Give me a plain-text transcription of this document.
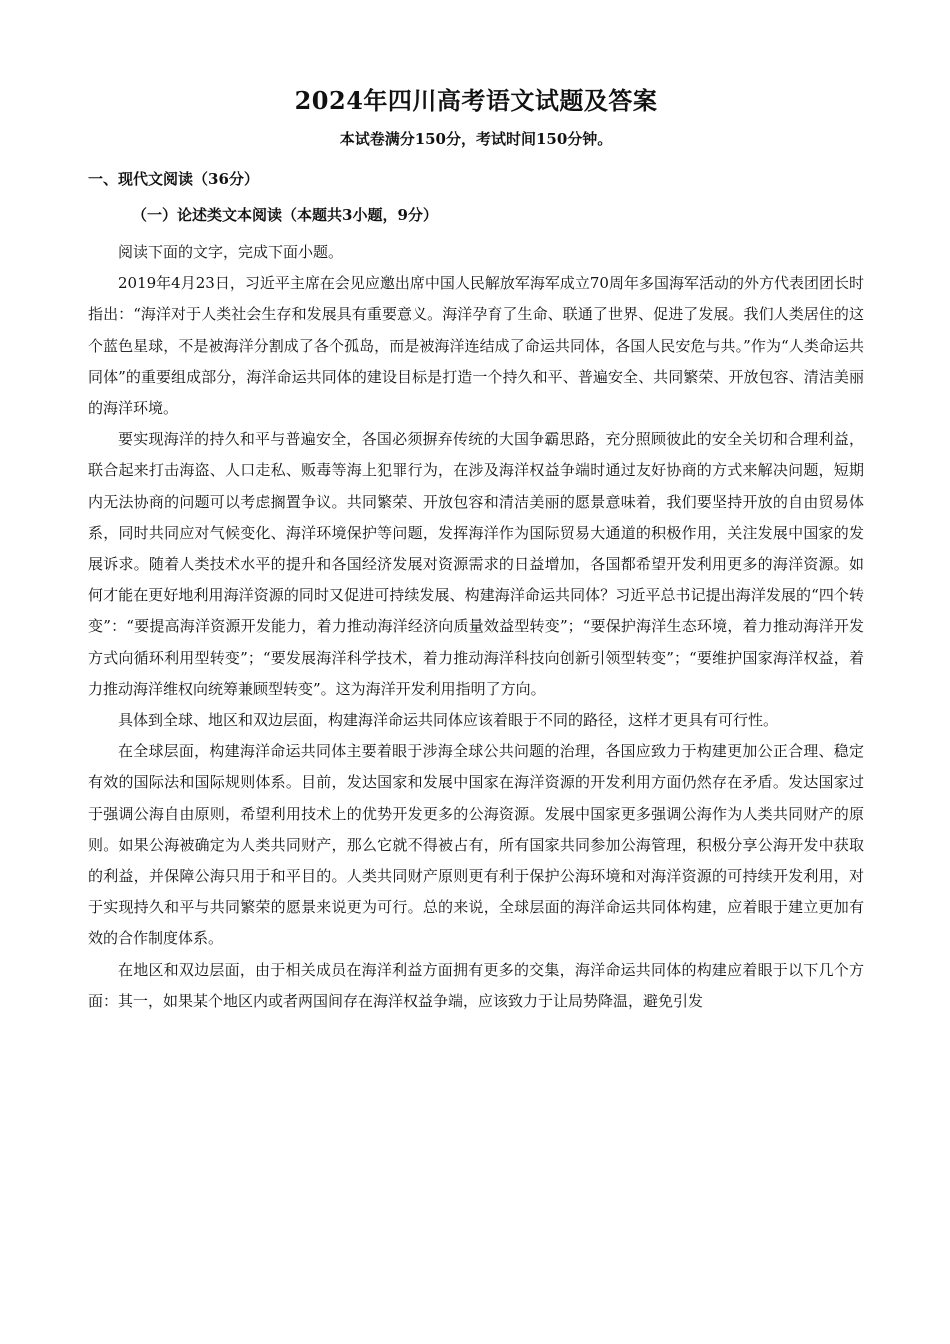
2024年四川高考语文试题及答案
本试卷满分150分，考试时间150分钟。
一、现代文阅读（36分）
（一）论述类文本阅读（本题共3小题，9分）

阅读下面的文字，完成下面小题。

2019年4月23日，习近平主席在会见应邀出席中国人民解放军海军成立70周年多国海军活动的外方代表团团长时指出：“海洋对于人类社会生存和发展具有重要意义。海洋孕育了生命、联通了世界、促进了发展。我们人类居住的这个蓝色星球，不是被海洋分割成了各个孤岛，而是被海洋连结成了命运共同体，各国人民安危与共。”作为“人类命运共同体”的重要组成部分，海洋命运共同体的建设目标是打造一个持久和平、普遍安全、共同繁荣、开放包容、清洁美丽的海洋环境。

要实现海洋的持久和平与普遍安全，各国必须摒弃传统的大国争霸思路，充分照顾彼此的安全关切和合理利益，联合起来打击海盗、人口走私、贩毒等海上犯罪行为，在涉及海洋权益争端时通过友好协商的方式来解决问题，短期内无法协商的问题可以考虑搁置争议。共同繁荣、开放包容和清洁美丽的愿景意味着，我们要坚持开放的自由贸易体系，同时共同应对气候变化、海洋环境保护等问题，发挥海洋作为国际贸易大通道的积极作用，关注发展中国家的发展诉求。随着人类技术水平的提升和各国经济发展对资源需求的日益增加，各国都希望开发利用更多的海洋资源。如何才能在更好地利用海洋资源的同时又促进可持续发展、构建海洋命运共同体？习近平总书记提出海洋发展的“四个转变”：“要提高海洋资源开发能力，着力推动海洋经济向质量效益型转变”；“要保护海洋生态环境，着力推动海洋开发方式向循环利用型转变”；“要发展海洋科学技术，着力推动海洋科技向创新引领型转变”；“要维护国家海洋权益，着力推动海洋维权向统筹兼顾型转变”。这为海洋开发利用指明了方向。

具体到全球、地区和双边层面，构建海洋命运共同体应该着眼于不同的路径，这样才更具有可行性。

在全球层面，构建海洋命运共同体主要着眼于涉海全球公共问题的治理，各国应致力于构建更加公正合理、稳定有效的国际法和国际规则体系。目前，发达国家和发展中国家在海洋资源的开发利用方面仍然存在矛盾。发达国家过于强调公海自由原则，希望利用技术上的优势开发更多的公海资源。发展中国家更多强调公海作为人类共同财产的原则。如果公海被确定为人类共同财产，那么它就不得被占有，所有国家共同参加公海管理，积极分享公海开发中获取的利益，并保障公海只用于和平目的。人类共同财产原则更有利于保护公海环境和对海洋资源的可持续开发利用，对于实现持久和平与共同繁荣的愿景来说更为可行。总的来说，全球层面的海洋命运共同体构建，应着眼于建立更加有效的合作制度体系。

在地区和双边层面，由于相关成员在海洋利益方面拥有更多的交集，海洋命运共同体的构建应着眼于以下几个方面：其一，如果某个地区内或者两国间存在海洋权益争端，应该致力于让局势降温，避免引发
